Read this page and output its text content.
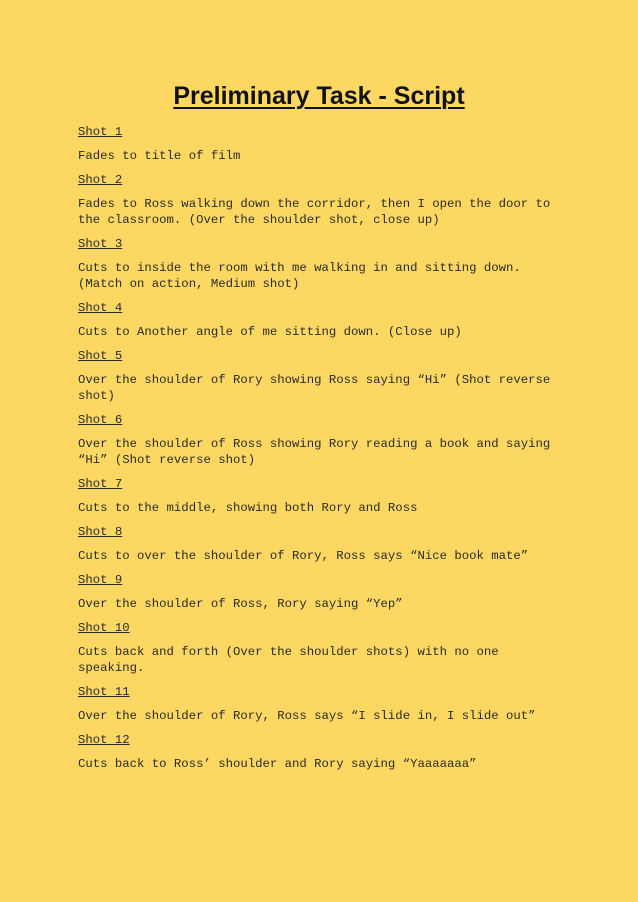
Preliminary Task - Script
Shot 1
Fades to title of film
Shot 2
Fades to Ross walking down the corridor, then I open the door to the classroom. (Over the shoulder shot, close up)
Shot 3
Cuts to inside the room with me walking in and sitting down. (Match on action, Medium shot)
Shot 4
Cuts to Another angle of me sitting down. (Close up)
Shot 5
Over the shoulder of Rory showing Ross saying “Hi” (Shot reverse shot)
Shot 6
Over the shoulder of Ross showing Rory reading a book and saying “Hi” (Shot reverse shot)
Shot 7
Cuts to the middle, showing both Rory and Ross
Shot 8
Cuts to over the shoulder of Rory, Ross says “Nice book mate”
Shot 9
Over the shoulder of Ross, Rory saying “Yep”
Shot 10
Cuts back and forth (Over the shoulder shots) with no one speaking.
Shot 11
Over the shoulder of Rory, Ross says “I slide in, I slide out”
Shot 12
Cuts back to Ross’ shoulder and Rory saying “Yaaaaaaa”
